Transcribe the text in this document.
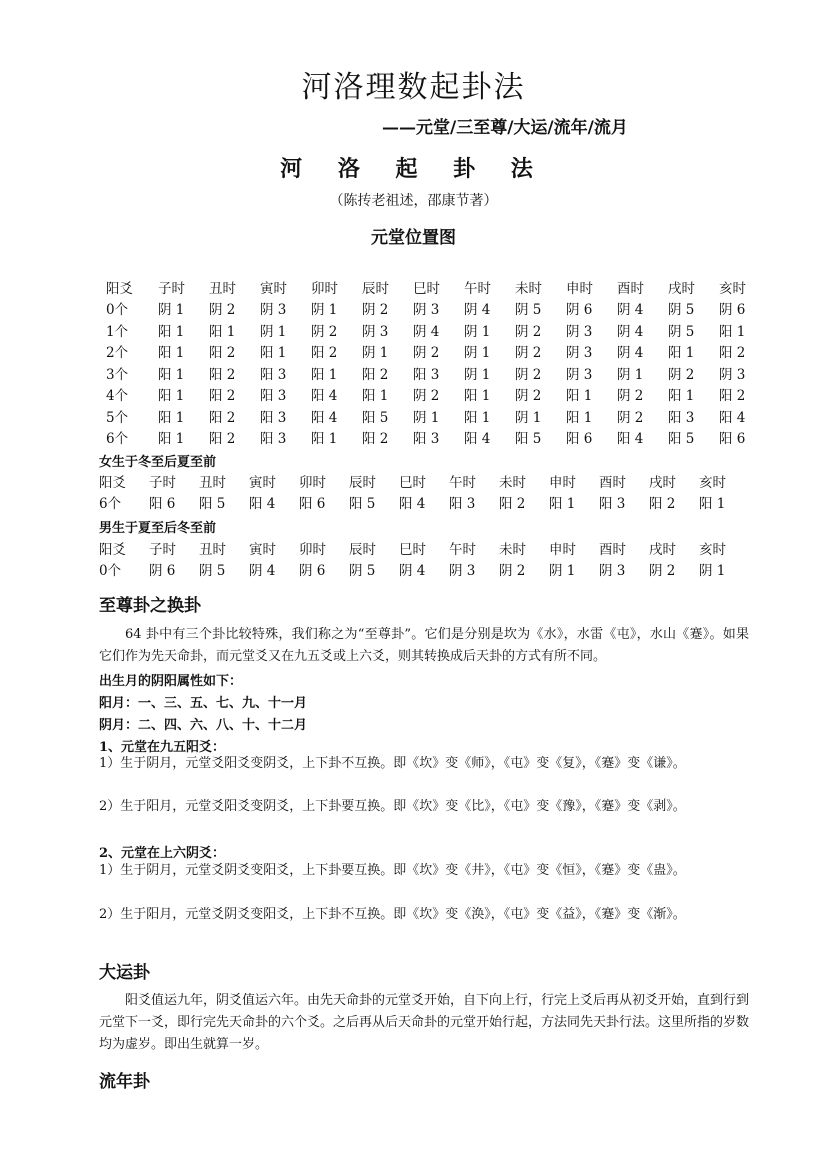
河洛理数起卦法
——元堂/三至尊/大运/流年/流月
河 洛 起 卦 法
（陈抟老祖述，邵康节著）
元堂位置图
阳爻	子时	丑时	寅时	卯时	辰时	巳时	午时	未时	申时	酉时	戌时	亥时
0个	阴 1	阴 2	阴 3	阴 1	阴 2	阴 3	阴 4	阴 5	阴 6	阴 4	阴 5	阴 6
1个	阳 1	阳 1	阴 1	阴 2	阴 3	阴 4	阴 1	阴 2	阴 3	阴 4	阴 5	阳 1
2个	阳 1	阳 2	阳 1	阳 2	阴 1	阴 2	阴 1	阴 2	阴 3	阴 4	阳 1	阳 2
3个	阳 1	阳 2	阳 3	阳 1	阳 2	阳 3	阴 1	阴 2	阴 3	阴 1	阴 2	阴 3
4个	阳 1	阳 2	阳 3	阳 4	阳 1	阴 2	阳 1	阴 2	阳 1	阴 2	阳 1	阳 2
5个	阳 1	阳 2	阳 3	阳 4	阳 5	阴 1	阳 1	阴 1	阳 1	阴 2	阳 3	阳 4
6个	阳 1	阳 2	阳 3	阳 1	阳 2	阳 3	阳 4	阳 5	阳 6	阳 4	阳 5	阳 6
女生于冬至后夏至前
阳爻	子时	丑时	寅时	卯时	辰时	巳时	午时	未时	申时	酉时	戌时	亥时
6个	阳 6	阳 5	阳 4	阳 6	阳 5	阳 4	阳 3	阳 2	阳 1	阳 3	阳 2	阳 1
男生于夏至后冬至前
阳爻	子时	丑时	寅时	卯时	辰时	巳时	午时	未时	申时	酉时	戌时	亥时
0个	阴 6	阴 5	阴 4	阴 6	阴 5	阴 4	阴 3	阴 2	阴 1	阴 3	阴 2	阴 1
至尊卦之换卦
64 卦中有三个卦比较特殊，我们称之为“至尊卦”。它们是分别是坎为《水》，水雷《屯》，水山《蹇》。如果它们作为先天命卦，而元堂爻又在九五爻或上六爻，则其转换成后天卦的方式有所不同。
出生月的阴阳属性如下：
阳月：一、三、五、七、九、十一月
阴月：二、四、六、八、十、十二月
1、元堂在九五阳爻：
1）生于阴月，元堂爻阳爻变阴爻，上下卦不互换。即《坎》变《师》，《屯》变《复》，《蹇》变《谦》。
2）生于阳月，元堂爻阳爻变阴爻，上下卦要互换。即《坎》变《比》，《屯》变《豫》，《蹇》变《剥》。
2、元堂在上六阴爻：
1）生于阴月，元堂爻阴爻变阳爻，上下卦要互换。即《坎》变《井》，《屯》变《恒》，《蹇》变《蛊》。
2）生于阳月，元堂爻阴爻变阳爻，上下卦不互换。即《坎》变《涣》，《屯》变《益》，《蹇》变《渐》。
大运卦
阳爻值运九年，阴爻值运六年。由先天命卦的元堂爻开始，自下向上行，行完上爻后再从初爻开始，直到行到元堂下一爻，即行完先天命卦的六个爻。之后再从后天命卦的元堂开始行起，方法同先天卦行法。这里所指的岁数均为虚岁。即出生就算一岁。
流年卦
